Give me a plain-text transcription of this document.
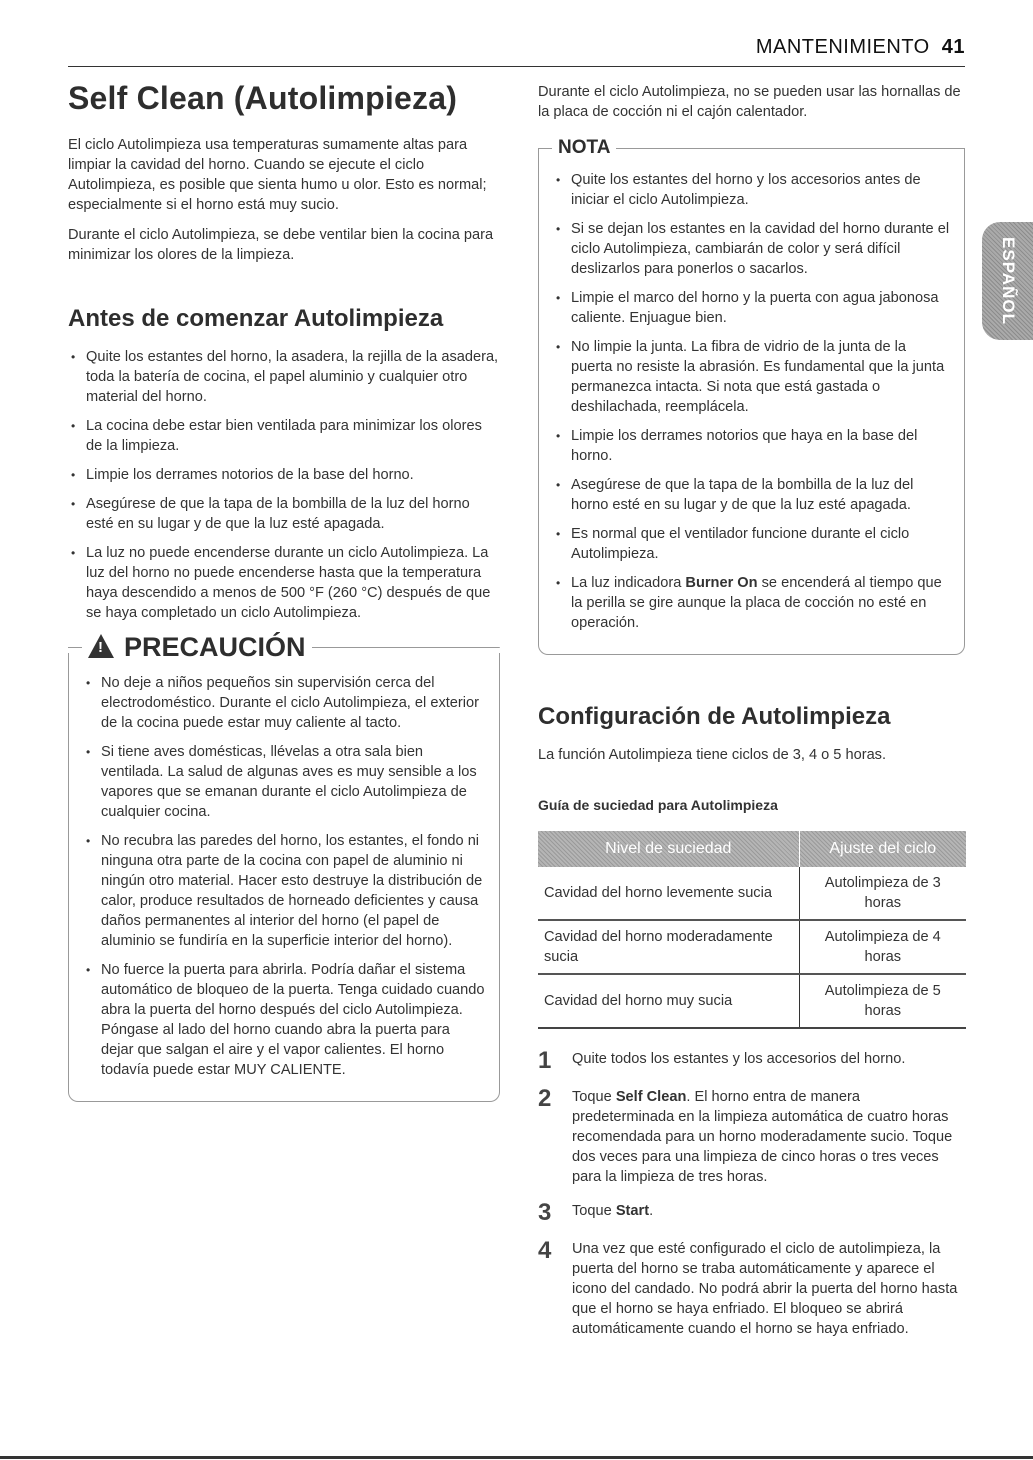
MANTENIMIENTO 41
ESPAÑOL
Self Clean (Autolimpieza)

El ciclo Autolimpieza usa temperaturas sumamente altas para limpiar la cavidad del horno. Cuando se ejecute el ciclo Autolimpieza, es posible que sienta humo u olor. Esto es normal; especialmente si el horno está muy sucio.

Durante el ciclo Autolimpieza, se debe ventilar bien la cocina para minimizar los olores de la limpieza.

Antes de comenzar Autolimpieza
• Quite los estantes del horno, la asadera, la rejilla de la asadera, toda la batería de cocina, el papel aluminio y cualquier otro material del horno.
• La cocina debe estar bien ventilada para minimizar los olores de la limpieza.
• Limpie los derrames notorios de la base del horno.
• Asegúrese de que la tapa de la bombilla de la luz del horno esté en su lugar y de que la luz esté apagada.
• La luz no puede encenderse durante un ciclo Autolimpieza. La luz del horno no puede encenderse hasta que la temperatura haya descendido a menos de 500 °F (260 °C) después de que se haya completado un ciclo Autolimpieza.
! PRECAUCIÓN
• No deje a niños pequeños sin supervisión cerca del electrodoméstico. Durante el ciclo Autolimpieza, el exterior de la cocina puede estar muy caliente al tacto.
• Si tiene aves domésticas, llévelas a otra sala bien ventilada. La salud de algunas aves es muy sensible a los vapores que se emanan durante el ciclo Autolimpieza de cualquier cocina.
• No recubra las paredes del horno, los estantes, el fondo ni ninguna otra parte de la cocina con papel de aluminio ni ningún otro material. Hacer esto destruye la distribución de calor, produce resultados de horneado deficientes y causa daños permanentes al interior del horno (el papel de aluminio se fundiría en la superficie interior del horno).
• No fuerce la puerta para abrirla. Podría dañar el sistema automático de bloqueo de la puerta. Tenga cuidado cuando abra la puerta del horno después del ciclo Autolimpieza. Póngase al lado del horno cuando abra la puerta para dejar que salgan el aire y el vapor calientes. El horno todavía puede estar MUY CALIENTE.

Durante el ciclo Autolimpieza, no se pueden usar las hornallas de la placa de cocción ni el cajón calentador.

NOTA
• Quite los estantes del horno y los accesorios antes de iniciar el ciclo Autolimpieza.
• Si se dejan los estantes en la cavidad del horno durante el ciclo Autolimpieza, cambiarán de color y será difícil deslizarlos para ponerlos o sacarlos.
• Limpie el marco del horno y la puerta con agua jabonosa caliente. Enjuague bien.
• No limpie la junta. La fibra de vidrio de la junta de la puerta no resiste la abrasión. Es fundamental que la junta permanezca intacta. Si nota que está gastada o deshilachada, reemplácela.
• Limpie los derrames notorios que haya en la base del horno.
• Asegúrese de que la tapa de la bombilla de la luz del horno esté en su lugar y de que la luz esté apagada.
• Es normal que el ventilador funcione durante el ciclo Autolimpieza.
• La luz indicadora Burner On se encenderá al tiempo que la perilla se gire aunque la placa de cocción no esté en operación.
Configuración de Autolimpieza

La función Autolimpieza tiene ciclos de 3, 4 o 5 horas.

Guía de suciedad para Autolimpieza

Nivel de suciedad	Ajuste del ciclo
Cavidad del horno levemente sucia	Autolimpieza de 3 horas
Cavidad del horno moderadamente sucia	Autolimpieza de 4 horas
Cavidad del horno muy sucia	Autolimpieza de 5 horas
1	Quite todos los estantes y los accesorios del horno.
2	Toque Self Clean. El horno entra de manera predeterminada en la limpieza automática de cuatro horas recomendada para un horno moderadamente sucio. Toque dos veces para una limpieza de cinco horas o tres veces para la limpieza de tres horas.
3	Toque Start.
4	Una vez que esté configurado el ciclo de autolimpieza, la puerta del horno se traba automáticamente y aparece el icono del candado. No podrá abrir la puerta del horno hasta que el horno se haya enfriado. El bloqueo se abrirá automáticamente cuando el horno se haya enfriado.
